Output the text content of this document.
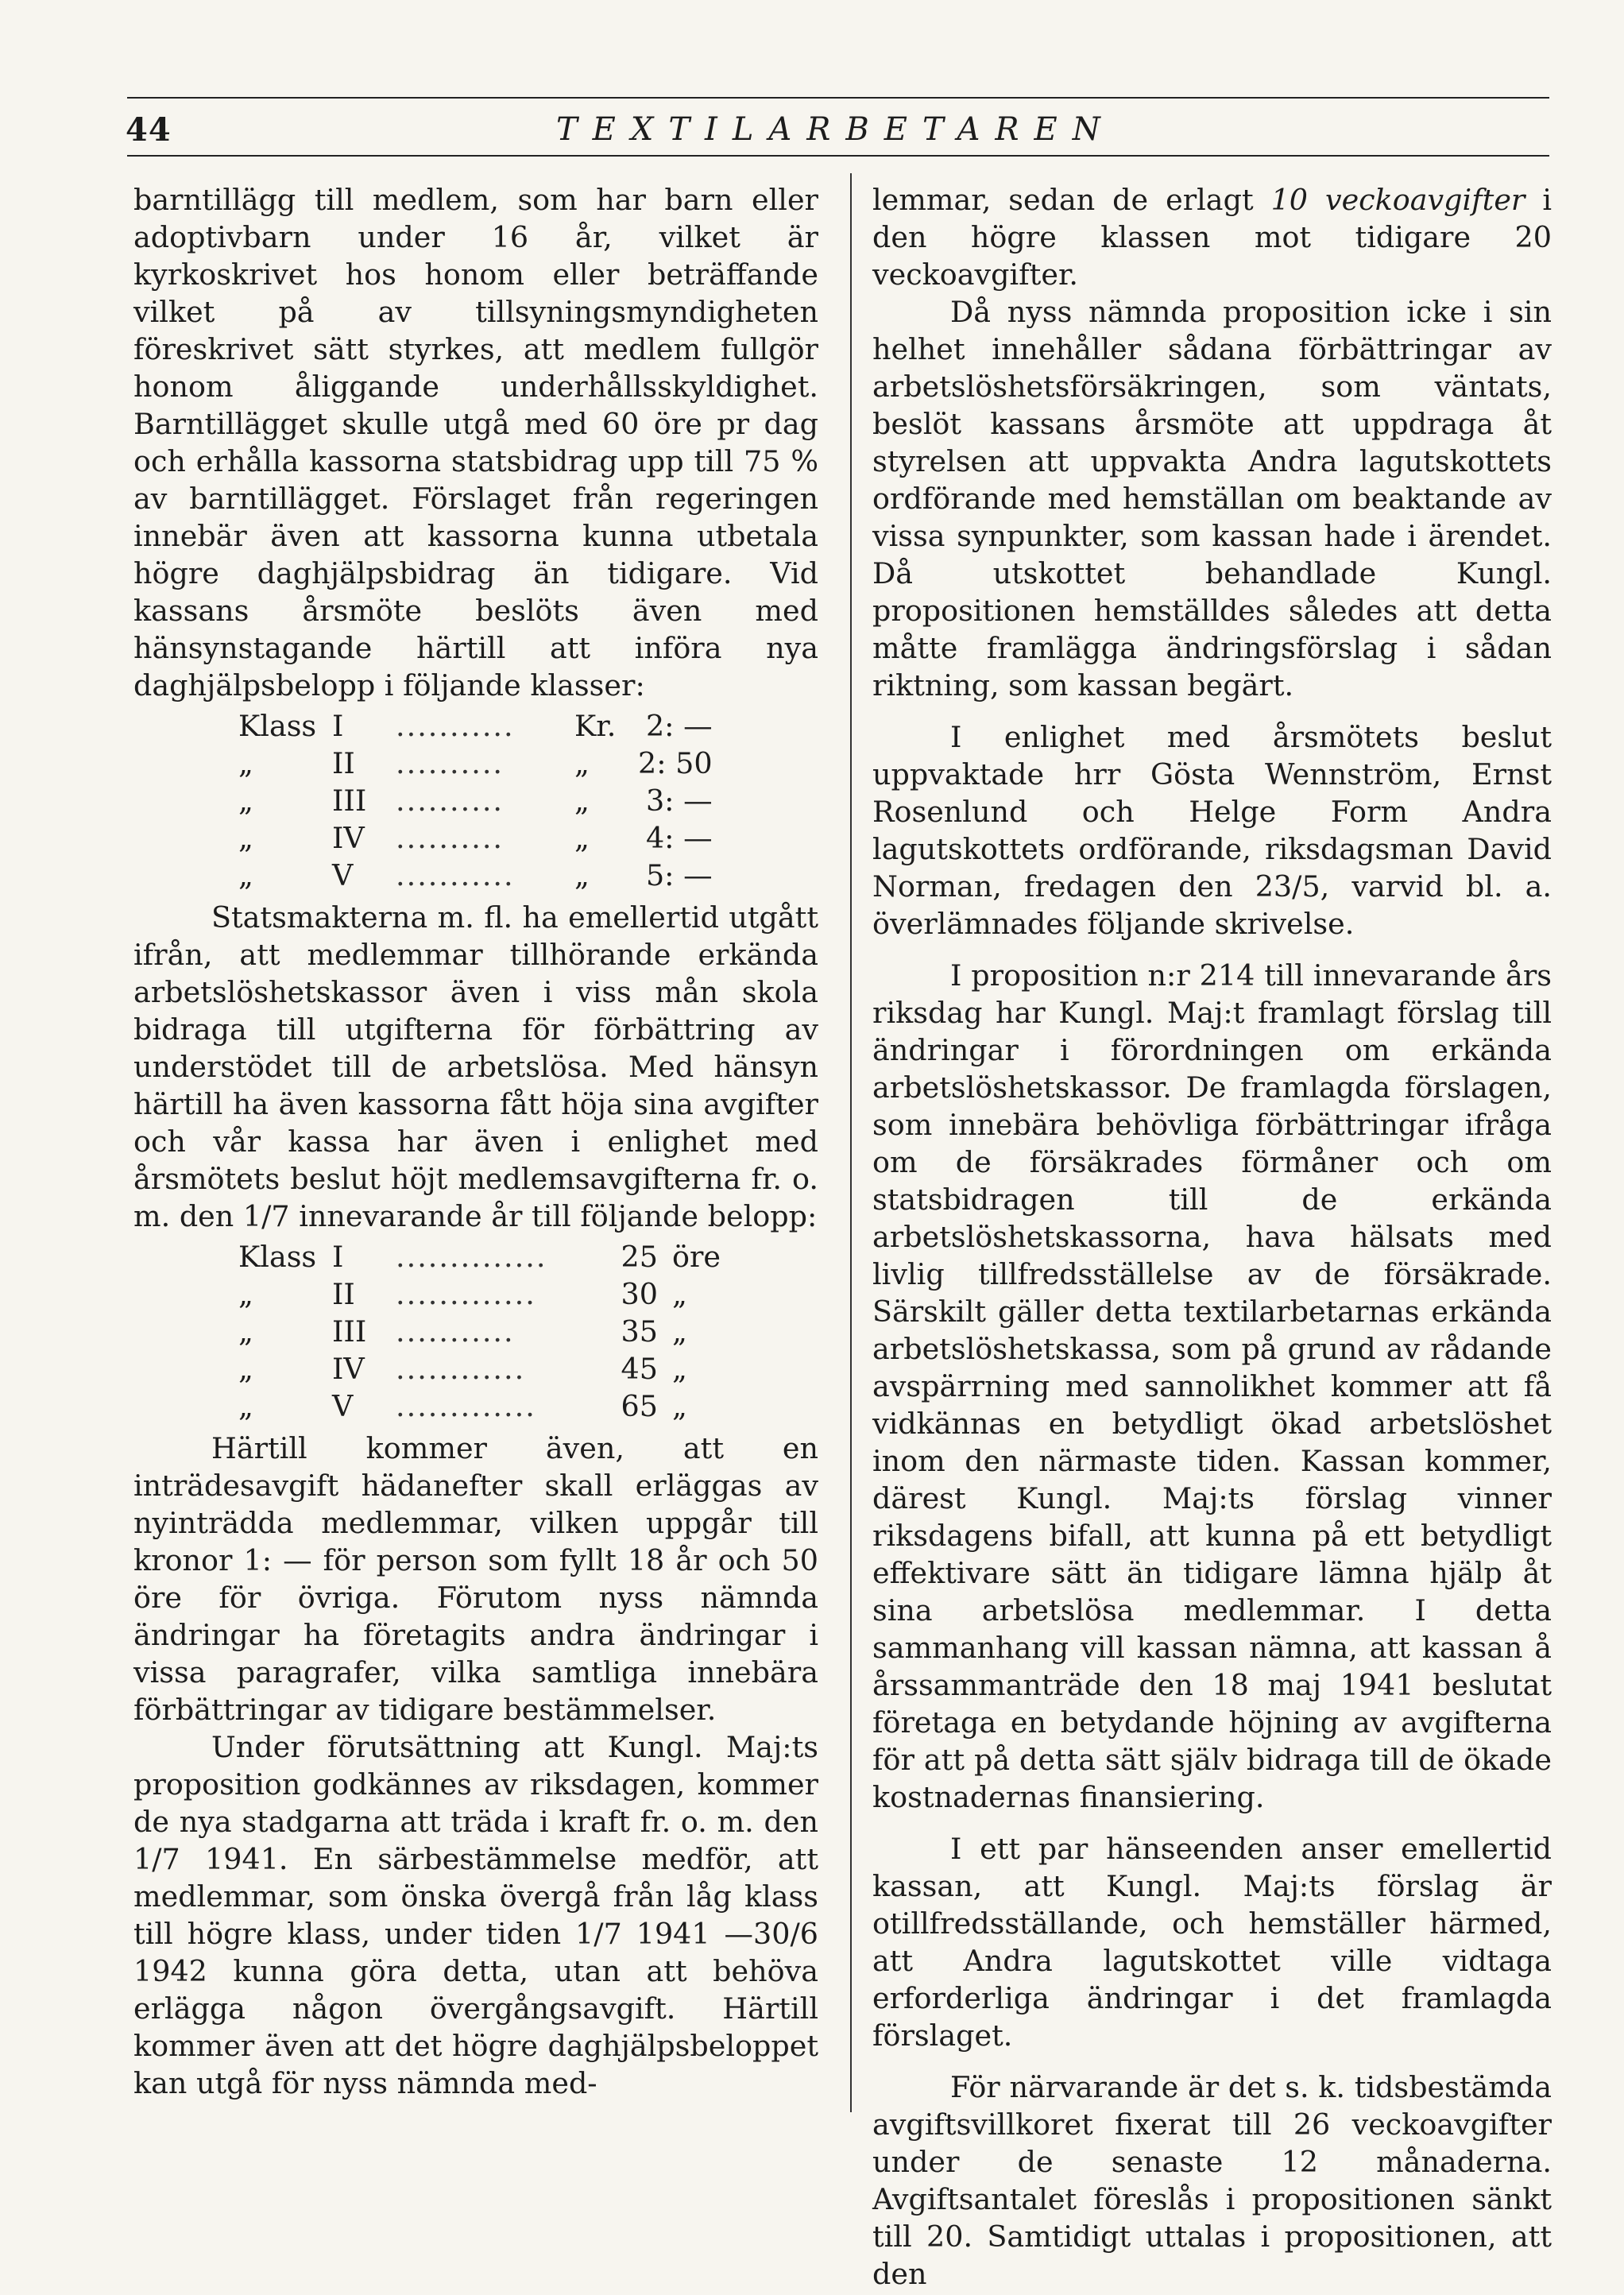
44	TEXTILARBETAREN

barntillägg till medlem, som har barn eller adoptivbarn under 16 år, vilket är kyrkoskrivet hos honom eller beträffande vilket på av tillsyningsmyndigheten föreskrivet sätt styrkes, att medlem fullgör honom åliggande underhållsskyldighet. Barntillägget skulle utgå med 60 öre pr dag och erhålla kassorna statsbidrag upp till 75 % av barntillägget. Förslaget från regeringen innebär även att kassorna kunna utbetala högre daghjälpsbidrag än tidigare. Vid kassans årsmöte beslöts även med hänsynstagande härtill att införa nya daghjälpsbelopp i följande klasser:

Klass	I	...........	Kr.	2: —
„	II	..........	„	2: 50
„	III	..........	„	3: —
„	IV	..........	„	4: —
„	V	...........	„	5: —

Statsmakterna m. fl. ha emellertid utgått ifrån, att medlemmar tillhörande erkända arbetslöshetskassor även i viss mån skola bidraga till utgifterna för förbättring av understödet till de arbetslösa. Med hänsyn härtill ha även kassorna fått höja sina avgifter och vår kassa har även i enlighet med årsmötets beslut höjt medlemsavgifterna fr. o. m. den 1/7 innevarande år till följande belopp:

Klass	I	..............	25	öre
„	II	.............	30	„
„	III	...........	35	„
„	IV	............	45	„
„	V	.............	65	„

Härtill kommer även, att en inträdesavgift hädanefter skall erläggas av nyinträdda medlemmar, vilken uppgår till kronor 1: — för person som fyllt 18 år och 50 öre för övriga. Förutom nyss nämnda ändringar ha företagits andra ändringar i vissa paragrafer, vilka samtliga innebära förbättringar av tidigare bestämmelser.

Under förutsättning att Kungl. Maj:ts proposition godkännes av riksdagen, kommer de nya stadgarna att träda i kraft fr. o. m. den 1/7 1941. En särbestämmelse medför, att medlemmar, som önska övergå från låg klass till högre klass, under tiden 1/7 1941 —30/6 1942 kunna göra detta, utan att behöva erlägga någon övergångsavgift. Härtill kommer även att det högre daghjälpsbeloppet kan utgå för nyss nämnda med-

lemmar, sedan de erlagt 10 veckoavgifter i den högre klassen mot tidigare 20 veckoavgifter.

Då nyss nämnda proposition icke i sin helhet innehåller sådana förbättringar av arbetslöshetsförsäkringen, som väntats, beslöt kassans årsmöte att uppdraga åt styrelsen att uppvakta Andra lagutskottets ordförande med hemställan om beaktande av vissa synpunkter, som kassan hade i ärendet. Då utskottet behandlade Kungl. propositionen hemställdes således att detta måtte framlägga ändringsförslag i sådan riktning, som kassan begärt.

I enlighet med årsmötets beslut uppvaktade hrr Gösta Wennström, Ernst Rosenlund och Helge Form Andra lagutskottets ordförande, riksdagsman David Norman, fredagen den 23/5, varvid bl. a. överlämnades följande skrivelse.

I proposition n:r 214 till innevarande års riksdag har Kungl. Maj:t framlagt förslag till ändringar i förordningen om erkända arbetslöshetskassor. De framlagda förslagen, som innebära behövliga förbättringar ifråga om de försäkrades förmåner och om statsbidragen till de erkända arbetslöshetskassorna, hava hälsats med livlig tillfredsställelse av de försäkrade. Särskilt gäller detta textilarbetarnas erkända arbetslöshetskassa, som på grund av rådande avspärrning med sannolikhet kommer att få vidkännas en betydligt ökad arbetslöshet inom den närmaste tiden. Kassan kommer, därest Kungl. Maj:ts förslag vinner riksdagens bifall, att kunna på ett betydligt effektivare sätt än tidigare lämna hjälp åt sina arbetslösa medlemmar. I detta sammanhang vill kassan nämna, att kassan å årssammanträde den 18 maj 1941 beslutat företaga en betydande höjning av avgifterna för att på detta sätt själv bidraga till de ökade kostnadernas finansiering.

I ett par hänseenden anser emellertid kassan, att Kungl. Maj:ts förslag är otillfredsställande, och hemställer härmed, att Andra lagutskottet ville vidtaga erforderliga ändringar i det framlagda förslaget.

För närvarande är det s. k. tidsbestämda avgiftsvillkoret fixerat till 26 veckoavgifter under de senaste 12 månaderna. Avgiftsantalet föreslås i propositionen sänkt till 20. Samtidigt uttalas i propositionen, att den
